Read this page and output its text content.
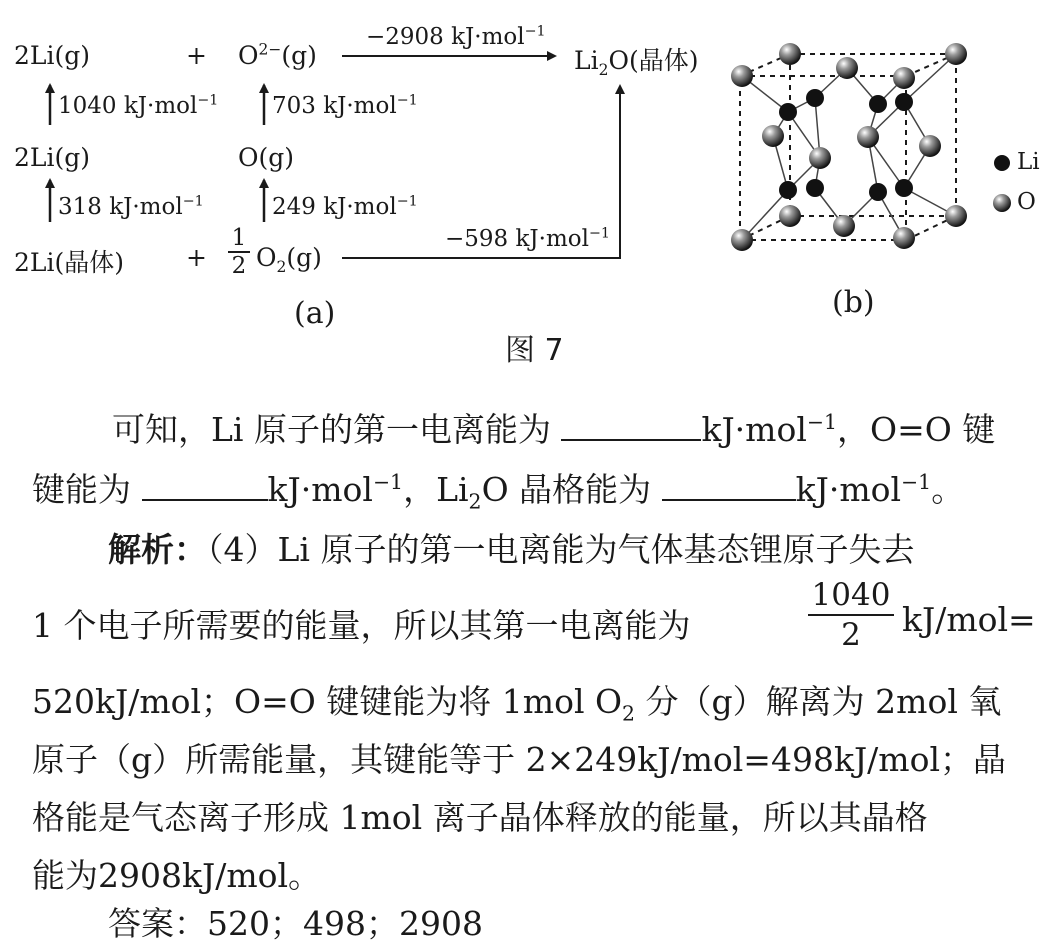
2Li(g)	+ $O^{2-}(g)$
−2908 kJ·mol$^{-1}$
$Li_2O$(晶体)
1040 kJ·mol$^{-1}$ 703 kJ·mol$^{-1}$
2Li(g)	O(g)
318 kJ·mol$^{-1}$	249 kJ·mol$^{-1}$
2Li(晶体) +
1
2 $O_2(g)$
−598 kJ·mol$^{-1}$
(a)
Li
O
(b)
图 7
可知，Li 原子的第一电离能为	kJ·mol$^{-1}$，O=O 键
键能为	kJ·mol$^{-1}$，$Li_2O$ 晶格能为	kJ·mol$^{-1}$。
解析：（4）Li 原子的第一电离能为气体基态锂原子失去
1 个电子所需要的能量，所以其第一电离能为
1040
2	kJ/mol=
520kJ/mol；O=O 键键能为将 1mol $O_2$ 分（g）解离为 2mol 氧
原子（g）所需能量，其键能等于 2×249kJ/mol=498kJ/mol；晶
格能是气态离子形成 1mol 离子晶体释放的能量，所以其晶格
能为2908kJ/mol。
答案：520；498；2908
